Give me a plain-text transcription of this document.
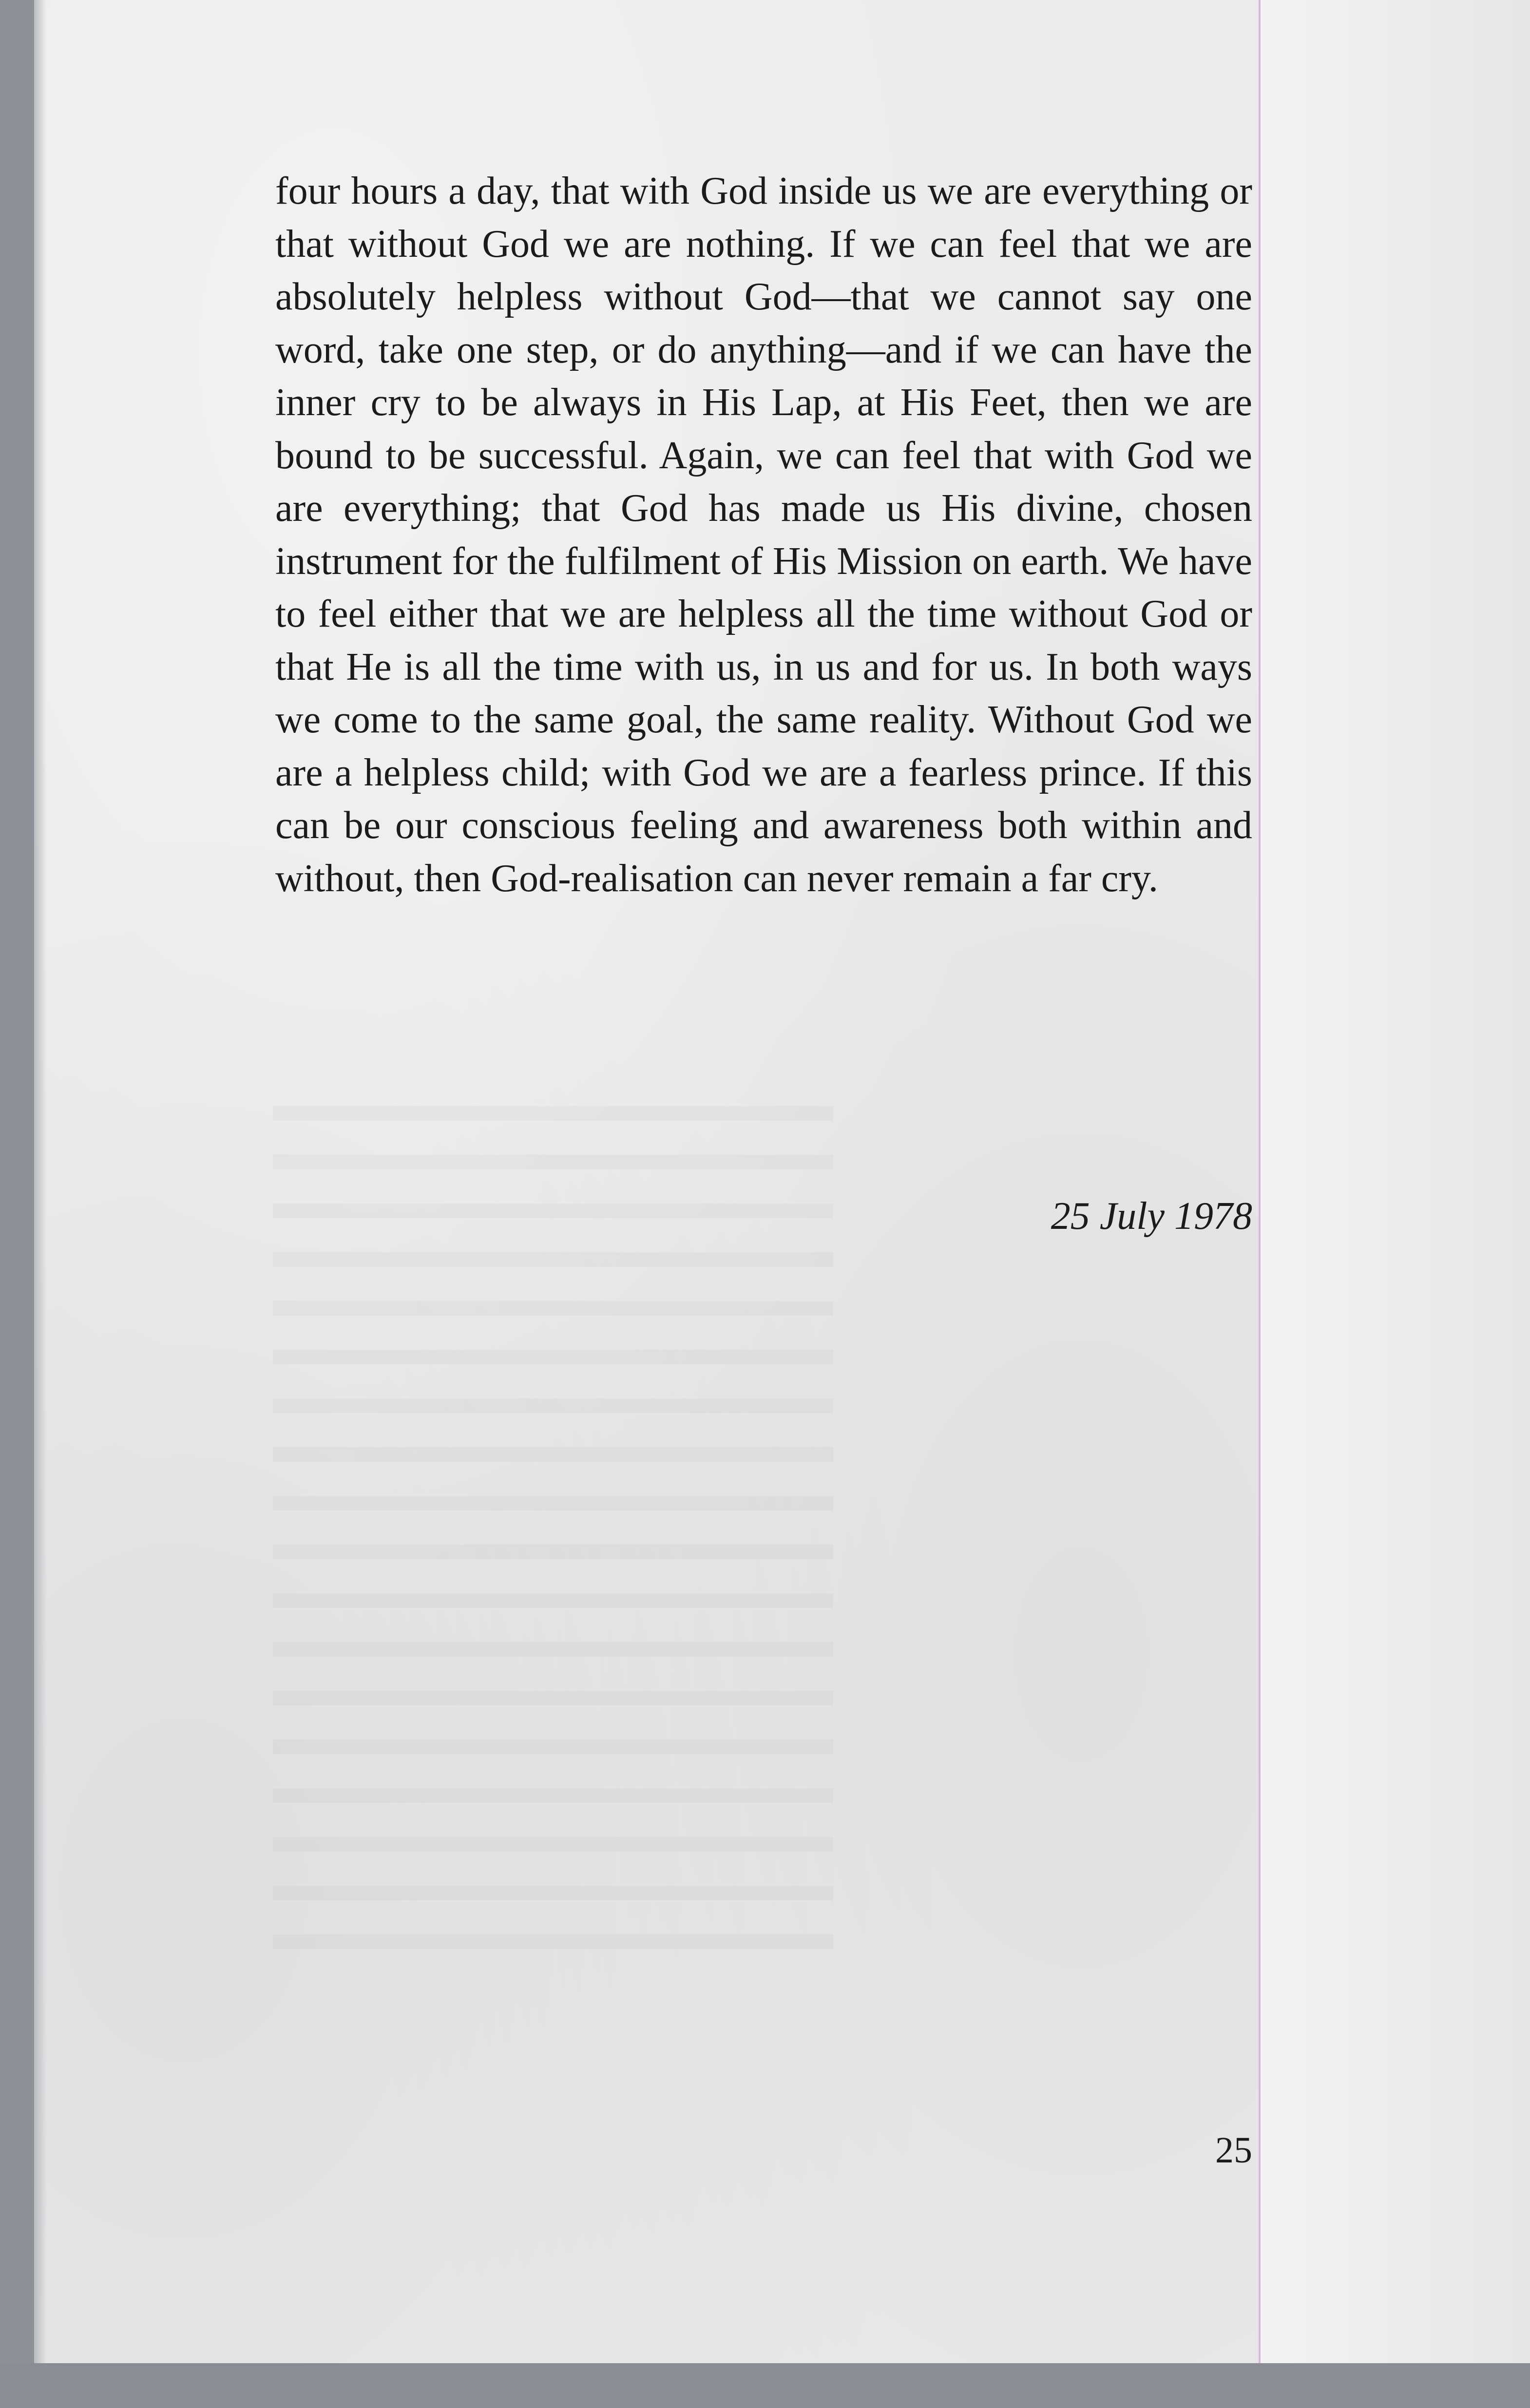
four hours a day, that with God inside us we are everything or that without God we are nothing. If we can feel that we are absolutely helpless without God—that we cannot say one word, take one step, or do anything—and if we can have the inner cry to be always in His Lap, at His Feet, then we are bound to be successful. Again, we can feel that with God we are everything; that God has made us His divine, chosen instrument for the fulfilment of His Mission on earth. We have to feel either that we are helpless all the time without God or that He is all the time with us, in us and for us. In both ways we come to the same goal, the same reality. Without God we are a helpless child; with God we are a fearless prince. If this can be our conscious feeling and awareness both within and without, then God-realisation can never remain a far cry.

25 July 1978

25
